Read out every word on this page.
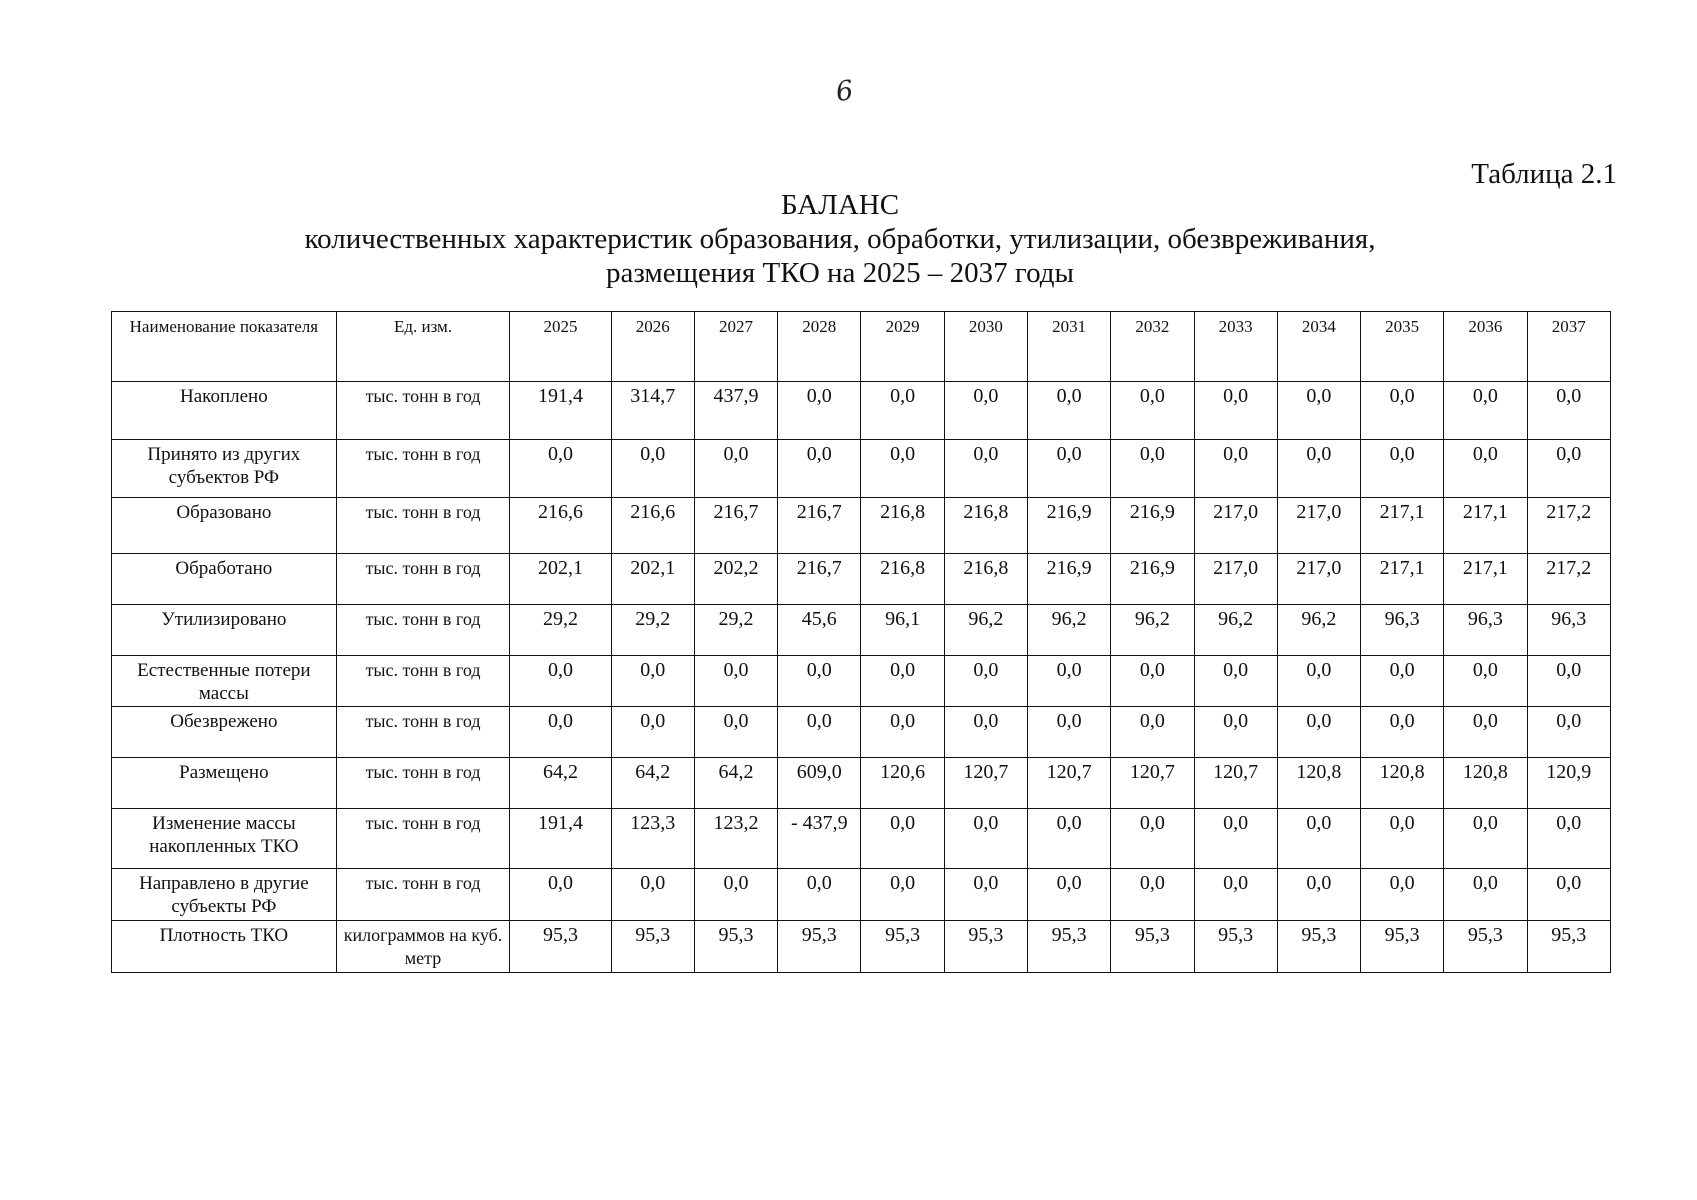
6
Таблица 2.1
БАЛАНС
количественных характеристик образования, обработки, утилизации, обезвреживания,
размещения ТКО на 2025 – 2037 годы
Наименование показателя	Ед. изм.	2025	2026	2027	2028	2029	2030	2031	2032	2033	2034	2035	2036	2037
Накоплено	тыс. тонн в год	191,4	314,7	437,9	0,0	0,0	0,0	0,0	0,0	0,0	0,0	0,0	0,0	0,0
Принято из других субъектов РФ	тыс. тонн в год	0,0	0,0	0,0	0,0	0,0	0,0	0,0	0,0	0,0	0,0	0,0	0,0	0,0
Образовано	тыс. тонн в год	216,6	216,6	216,7	216,7	216,8	216,8	216,9	216,9	217,0	217,0	217,1	217,1	217,2
Обработано	тыс. тонн в год	202,1	202,1	202,2	216,7	216,8	216,8	216,9	216,9	217,0	217,0	217,1	217,1	217,2
Утилизировано	тыс. тонн в год	29,2	29,2	29,2	45,6	96,1	96,2	96,2	96,2	96,2	96,2	96,3	96,3	96,3
Естественные потери массы	тыс. тонн в год	0,0	0,0	0,0	0,0	0,0	0,0	0,0	0,0	0,0	0,0	0,0	0,0	0,0
Обезврежено	тыс. тонн в год	0,0	0,0	0,0	0,0	0,0	0,0	0,0	0,0	0,0	0,0	0,0	0,0	0,0
Размещено	тыс. тонн в год	64,2	64,2	64,2	609,0	120,6	120,7	120,7	120,7	120,7	120,8	120,8	120,8	120,9
Изменение массы накопленных ТКО	тыс. тонн в год	191,4	123,3	123,2	- 437,9	0,0	0,0	0,0	0,0	0,0	0,0	0,0	0,0	0,0
Направлено в другие субъекты РФ	тыс. тонн в год	0,0	0,0	0,0	0,0	0,0	0,0	0,0	0,0	0,0	0,0	0,0	0,0	0,0
Плотность ТКО	килограммов на куб. метр	95,3	95,3	95,3	95,3	95,3	95,3	95,3	95,3	95,3	95,3	95,3	95,3	95,3
